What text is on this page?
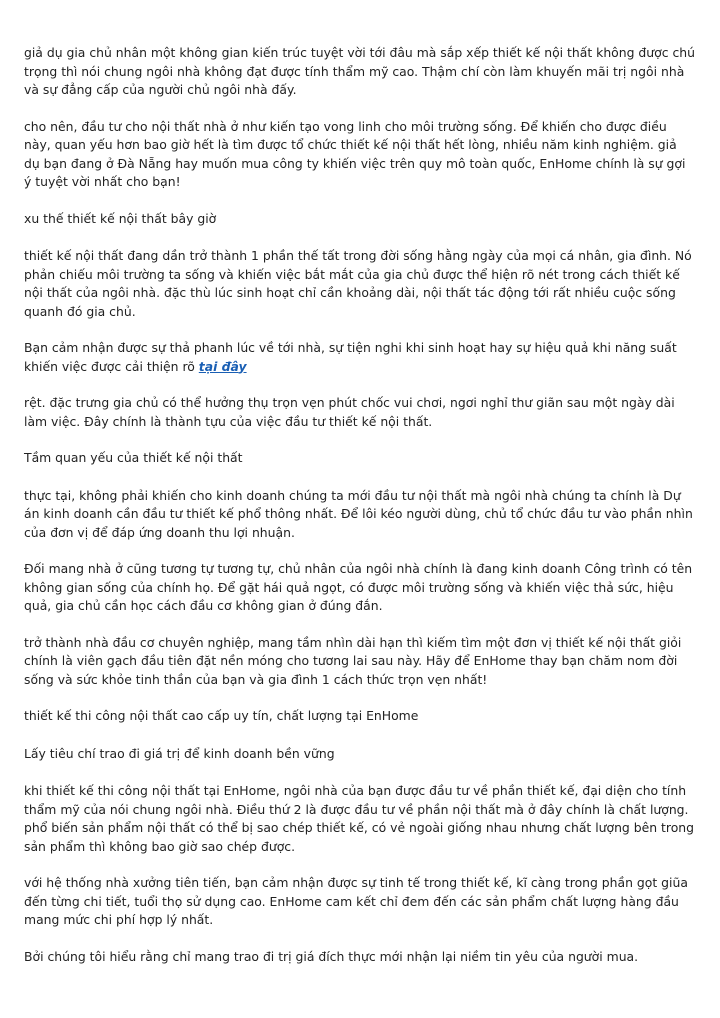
giả dụ gia chủ nhân một không gian kiến trúc tuyệt vời tới đâu mà sắp xếp thiết kế nội thất không được chú trọng thì nói chung ngôi nhà không đạt được tính thẩm mỹ cao. Thậm chí còn làm khuyến mãi trị ngôi nhà và sự đẳng cấp của người chủ ngôi nhà đấy.

cho nên, đầu tư cho nội thất nhà ở như kiến tạo vong linh cho môi trường sống. Để khiến cho được điều này, quan yếu hơn bao giờ hết là tìm được tổ chức thiết kế nội thất hết lòng, nhiều năm kinh nghiệm. giả dụ bạn đang ở Đà Nẵng hay muốn mua công ty khiến việc trên quy mô toàn quốc, EnHome chính là sự gợi ý tuyệt vời nhất cho bạn!

xu thế thiết kế nội thất bây giờ

thiết kế nội thất đang dần trở thành 1 phần thế tất trong đời sống hằng ngày của mọi cá nhân, gia đình. Nó phản chiếu môi trường ta sống và khiến việc bắt mắt của gia chủ được thể hiện rõ nét trong cách thiết kế nội thất của ngôi nhà. đặc thù lúc sinh hoạt chỉ cần khoảng dài, nội thất tác động tới rất nhiều cuộc sống quanh đó gia chủ.

Bạn cảm nhận được sự thả phanh lúc về tới nhà, sự tiện nghi khi sinh hoạt hay sự hiệu quả khi năng suất khiến việc được cải thiện rõ tại đây

rệt. đặc trưng gia chủ có thể hưởng thụ trọn vẹn phút chốc vui chơi, ngơi nghỉ thư giãn sau một ngày dài làm việc. Đây chính là thành tựu của việc đầu tư thiết kế nội thất.

Tầm quan yếu của thiết kế nội thất

thực tại, không phải khiến cho kinh doanh chúng ta mới đầu tư nội thất mà ngôi nhà chúng ta chính là Dự án kinh doanh cần đầu tư thiết kế phổ thông nhất. Để lôi kéo người dùng, chủ tổ chức đầu tư vào phần nhìn của đơn vị để đáp ứng doanh thu lợi nhuận.

Đối mang nhà ở cũng tương tự tương tự, chủ nhân của ngôi nhà chính là đang kinh doanh Công trình có tên không gian sống của chính họ. Để gặt hái quả ngọt, có được môi trường sống và khiến việc thả sức, hiệu quả, gia chủ cần học cách đầu cơ không gian ở đúng đắn.

trở thành nhà đầu cơ chuyên nghiệp, mang tầm nhìn dài hạn thì kiếm tìm một đơn vị thiết kế nội thất giỏi chính là viên gạch đầu tiên đặt nền móng cho tương lai sau này. Hãy để EnHome thay bạn chăm nom đời sống và sức khỏe tinh thần của bạn và gia đình 1 cách thức trọn vẹn nhất!

thiết kế thi công nội thất cao cấp uy tín, chất lượng tại EnHome

Lấy tiêu chí trao đi giá trị để kinh doanh bền vững

khi thiết kế thi công nội thất tại EnHome, ngôi nhà của bạn được đầu tư về phần thiết kế, đại diện cho tính thẩm mỹ của nói chung ngôi nhà. Điều thứ 2 là được đầu tư về phần nội thất mà ở đây chính là chất lượng. phổ biến sản phẩm nội thất có thể bị sao chép thiết kế, có vẻ ngoài giống nhau nhưng chất lượng bên trong sản phẩm thì không bao giờ sao chép được.

với hệ thống nhà xưởng tiên tiến, bạn cảm nhận được sự tinh tế trong thiết kế, kĩ càng trong phần gọt giũa đến từng chi tiết, tuổi thọ sử dụng cao. EnHome cam kết chỉ đem đến các sản phẩm chất lượng hàng đầu mang mức chi phí hợp lý nhất.

Bởi chúng tôi hiểu rằng chỉ mang trao đi trị giá đích thực mới nhận lại niềm tin yêu của người mua.
